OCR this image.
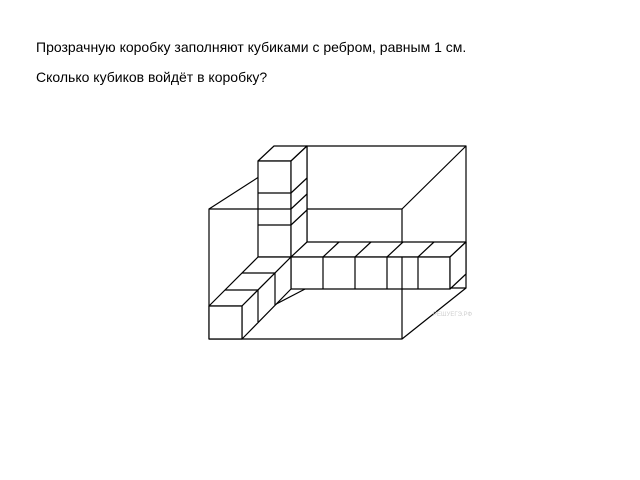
Прозрачную коробку заполняют кубиками с ребром, равным 1 см.
Сколько кубиков войдёт в коробку?
РЕШУЕГЭ.РФ
